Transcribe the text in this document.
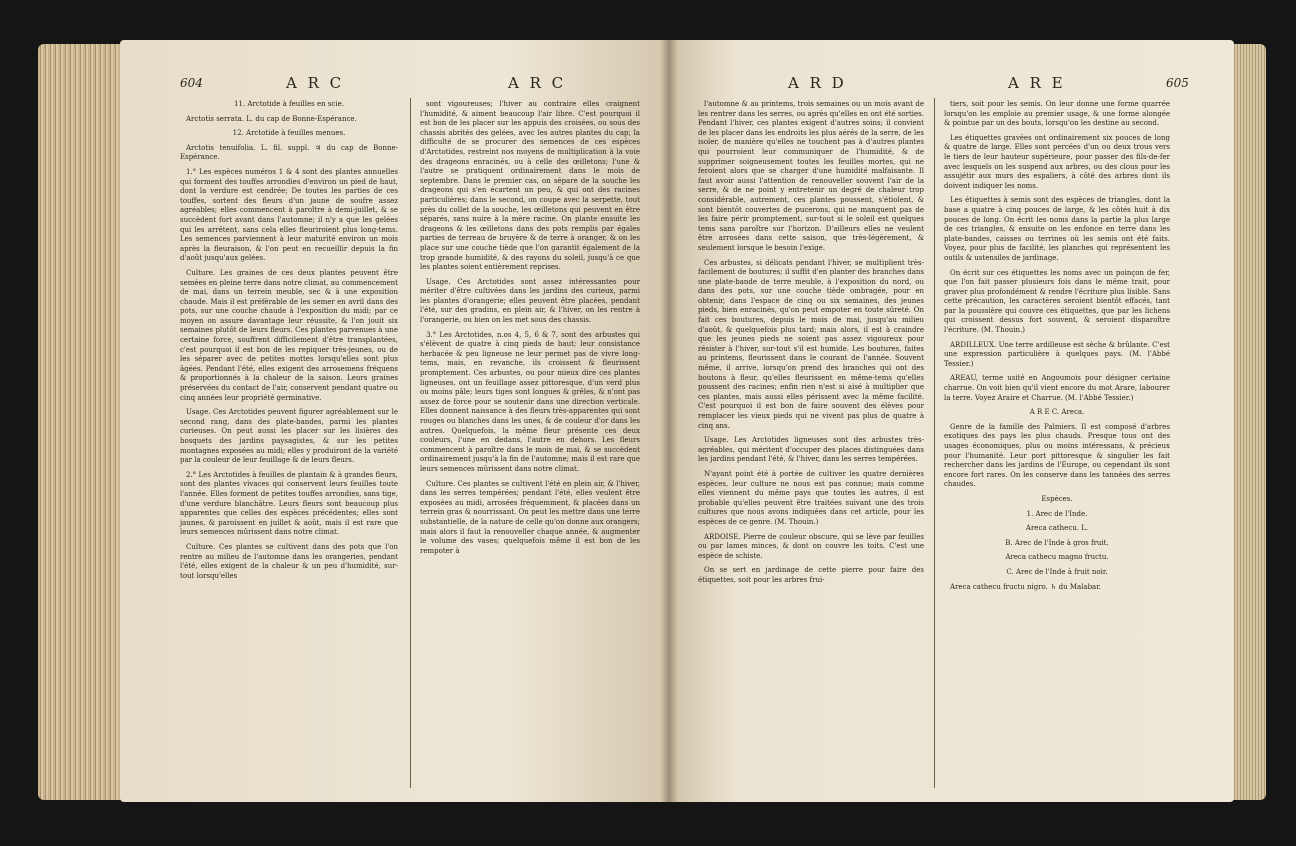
604	A R C	A R C

11. Arctotide à feuilles en scie.

Arctotis serrata. L. du cap de Bonne-Espérance.

12. Arctotide à feuilles menues.

Arctotis tenuifolia. L. fil. suppl. ♃ du cap de Bonne-Espérance.

1.° Les espèces numéros 1 & 4 sont des plantes annuelles qui forment des touffes arrondies d'environ un pied de haut, dont la verdure est cendrée; De toutes les parties de ces touffes, sortent des fleurs d'un jaune de soufre assez agréables; elles commencent à paroître à demi-juillet, & se succèdent fort avant dans l'automne; il n'y a que les gelées qui les arrêtent, sans cela elles fleuriroient plus long-tems. Les semences parviennent à leur maturité environ un mois après la fleuraison, & l'on peut en recueillir depuis la fin d'août jusqu'aux gelées.

Culture. Les graines de ces deux plantes peuvent être semées en pleine terre dans notre climat, au commencement de mai, dans un terrein meuble, sec & à une exposition chaude. Mais il est préférable de les semer en avril dans des pots, sur une couche chaude à l'exposition du midi; par ce moyen on assure davantage leur réussite, & l'on jouit six semaines plutôt de leurs fleurs. Ces plantes parvenues à une certaine force, souffrent difficilement d'être transplantées, c'est pourquoi il est bon de les repiquer très-jeunes, ou de les séparer avec de petites mottes lorsqu'elles sont plus âgées. Pendant l'été, elles exigent des arrosemens fréquens & proportionnés à la chaleur de la saison. Leurs graines préservées du contact de l'air, conservent pendant quatre ou cinq années leur propriété germinative.

Usage. Ces Arctotides peuvent figurer agréablement sur le second rang, dans des plate-bandes, parmi les plantes curieuses. On peut aussi les placer sur les lisières des bosquets des jardins paysagistes, & sur les petites montagnes exposées au midi; elles y produiront de la variété par la couleur de leur feuillage & de leurs fleurs.

2.° Les Arctotides à feuilles de plantain & à grandes fleurs, sont des plantes vivaces qui conservent leurs feuilles toute l'année. Elles forment de petites touffes arrondies, sans tige, d'une verdure blanchâtre. Leurs fleurs sont beaucoup plus apparentes que celles des espèces précédentes; elles sont jaunes, & paroissent en juillet & août, mais il est rare que leurs semences mûrissent dans notre climat.

Culture. Ces plantes se cultivent dans des pots que l'on rentre au milieu de l'automne dans les orangeries, pendant l'été, elles exigent de la chaleur & un peu d'humidité, sur-tout lorsqu'elles

sont vigoureuses; l'hiver au contraire elles craignent l'humidité, & aiment beaucoup l'air libre. C'est pourquoi il est bon de les placer sur les appuis des croisées, ou sous des chassis abrités des gelées, avec les autres plantes du cap; la difficulté de se procurer des semences de ces espèces d'Arctotides, restreint nos moyens de multiplication à la voie des drageons enracinés, ou à celle des œilletons; l'une & l'autre se pratiquent ordinairement dans le mois de septembre. Dans le premier cas, on sépare de la souche les drageons qui s'en écartent un peu, & qui ont des racines particulières; dans le second, on coupe avec la serpette, tout près du collet de la souche, les œilletons qui peuvent en être séparés, sans nuire à la mère racine. On plante ensuite les drageons & les œilletons dans des pots remplis par égales parties de terreau de bruyère & de terre à oranger, & on les place sur une couche tiède que l'on garantit également de la trop grande humidité, & des rayons du soleil, jusqu'à ce que les plantes soient entièrement reprises.

Usage. Ces Arctotides sont assez intéressantes pour mériter d'être cultivées dans les jardins des curieux, parmi les plantes d'orangerie; elles peuvent être placées, pendant l'été, sur des gradins, en plein air, & l'hiver, on les rentre à l'orangerie, ou bien on les met sous des chassis.

3.° Les Arctotides, n.os 4, 5, 6 & 7, sont des arbustes qui s'élèvent de quatre à cinq pieds de haut; leur consistance herbacée & peu ligneuse ne leur permet pas de vivre long-tems, mais, en revanche, ils croissent & fleurissent promptement. Ces arbustes, ou pour mieux dire ces plantes ligneuses, ont un feuillage assez pittoresque, d'un verd plus ou moins pâle; leurs tiges sont longues & grêles, & n'ont pas assez de force pour se soutenir dans une direction verticale. Elles donnent naissance à des fleurs très-apparentes qui sont rouges ou blanches dans les unes, & de couleur d'or dans les autres. Quelquefois, la même fleur présente ces deux couleurs, l'une en dedans, l'autre en dehors. Les fleurs commencent à paroître dans le mois de mai, & se succèdent ordinairement jusqu'à la fin de l'automne; mais il est rare que leurs semences mûrissent dans notre climat.

Culture. Ces plantes se cultivent l'été en plein air, & l'hiver, dans les serres tempérées; pendant l'été, elles veulent être exposées au midi, arrosées fréquemment, & placées dans un terrein gras & nourrissant. On peut les mettre dans une terre substantielle, de la nature de celle qu'on donne aux orangers; mais alors il faut la renouveller chaque année, & augmenter le volume des vases; quelquefois même il est bon de les rempoter à

A R D	A R E	605

l'automne & au printems, trois semaines ou un mois avant de les rentrer dans les serres, ou après qu'elles en ont été sorties. Pendant l'hiver, ces plantes exigent d'autres soins; il convient de les placer dans les endroits les plus aérés de la serre, de les isoler, de manière qu'elles ne touchent pas à d'autres plantes qui pourroient leur communiquer de l'humidité, & de supprimer soigneusement toutes les feuilles mortes, qui ne feroient alors que se charger d'une humidité malfaisante. Il faut avoir aussi l'attention de renouveller souvent l'air de la serre, & de ne point y entretenir un degré de chaleur trop considérable, autrement, ces plantes poussent, s'étiolent, & sont bientôt couvertes de pucerons, qui ne manquent pas de les faire périr promptement, sur-tout si le soleil est quelques tems sans paroître sur l'horizon. D'ailleurs elles ne veulent être arrosées dans cette saison, que très-légèrement, & seulement lorsque le besoin l'exige.

Ces arbustes, si délicats pendant l'hiver, se multiplient très-facilement de boutures; il suffit d'en planter des branches dans une plate-bande de terre meuble, à l'exposition du nord, ou dans des pots, sur une couche tiède ombragée, pour en obtenir, dans l'espace de cinq ou six semaines, des jeunes pieds, bien enracinés, qu'on peut empoter en toute sûreté. On fait ces boutures, depuis le mois de mai, jusqu'au milieu d'août, & quelquefois plus tard; mais alors, il est à craindre que les jeunes pieds ne soient pas assez vigoureux pour résister à l'hiver, sur-tout s'il est humide. Les boutures, faites au printems, fleurissent dans le courant de l'année. Souvent même, il arrive, lorsqu'on prend des branches qui ont des boutons à fleur, qu'elles fleurissent en même-tems qu'elles poussent des racines; enfin rien n'est si aisé à multiplier que ces plantes, mais aussi elles périssent avec la même facilité. C'est pourquoi il est bon de faire souvent des élèves pour remplacer les vieux pieds qui ne vivent pas plus de quatre à cinq ans.

Usage. Les Arctotides ligneuses sont des arbustes très-agréables, qui méritent d'occuper des places distinguées dans les jardins pendant l'été, & l'hiver, dans les serres tempérées.

N'ayant point été à portée de cultiver les quatre dernières espèces, leur culture ne nous est pas connue; mais comme elles viennent du même pays que toutes les autres, il est probable qu'elles peuvent être traitées suivant une des trois cultures que nous avons indiquées dans cet article, pour les espèces de ce genre. (M. Thouin.)

ARDOISE. Pierre de couleur obscure, qui se lève par feuilles ou par lames minces, & dont on couvre les toits. C'est une espèce de schiste.

On se sert en jardinage de cette pierre pour faire des étiquettes, soit pour les arbres frui-

tiers, soit pour les semis. On leur donne une forme quarrée lorsqu'on les emploie au premier usage, & une forme alongée & pointue par un des bouts, lorsqu'on les destine au second.

Les étiquettes gravées ont ordinairement six pouces de long & quatre de large. Elles sont percées d'un ou deux trous vers le tiers de leur hauteur supérieure, pour passer des fils-de-fer avec lesquels on les suspend aux arbres, ou des clous pour les assujétir aux murs des espaliers, à côté des arbres dont ils doivent indiquer les noms.

Les étiquettes à semis sont des espèces de triangles, dont la base a quatre à cinq pouces de large, & les côtés huit à dix pouces de long. On écrit les noms dans la partie la plus large de ces triangles, & ensuite on les enfonce en terre dans les plate-bandes, caisses ou terrines où les semis ont été faits. Voyez, pour plus de facilité, les planches qui représentent les outils & ustensiles de jardinage.

On écrit sur ces étiquettes les noms avec un poinçon de fer, que l'on fait passer plusieurs fois dans le même trait, pour graver plus profondément & rendre l'écriture plus lisible. Sans cette précaution, les caractères seroient bientôt effacés, tant par la poussière qui couvre ces étiquettes, que par les lichens qui croissent dessus fort souvent, & seroient disparoître l'écriture. (M. Thouin.)

ARDILLEUX. Une terre ardilleuse est sèche & brûlante. C'est une expression particulière à quelques pays. (M. l'Abbé Tessier.)

AREAU, terme usité en Angoumois pour désigner certaine charrue. On voit bien qu'il vient encore du mot Arare, labourer la terre. Voyez Araire et Charrue. (M. l'Abbé Tessier.)

A R E C. Areca.

Genre de la famille des Palmiers. Il est composé d'arbres exotiques des pays les plus chauds. Presque tous ont des usages économiques, plus ou moins intéressans, & précieux pour l'humanité. Leur port pittoresque & singulier les fait rechercher dans les jardins de l'Europe, ou cependant ils sont encore fort rares. On les conserve dans les tannées des serres chaudes.

Espèces.

1. Arec de l'Inde.

Areca cathecu. L.

B. Arec de l'Inde à gros fruit.

Areca cathecu magno fructu.

C. Arec de l'Inde à fruit noir.

Areca cathecu fructu nigro. ♄ du Malabar.
